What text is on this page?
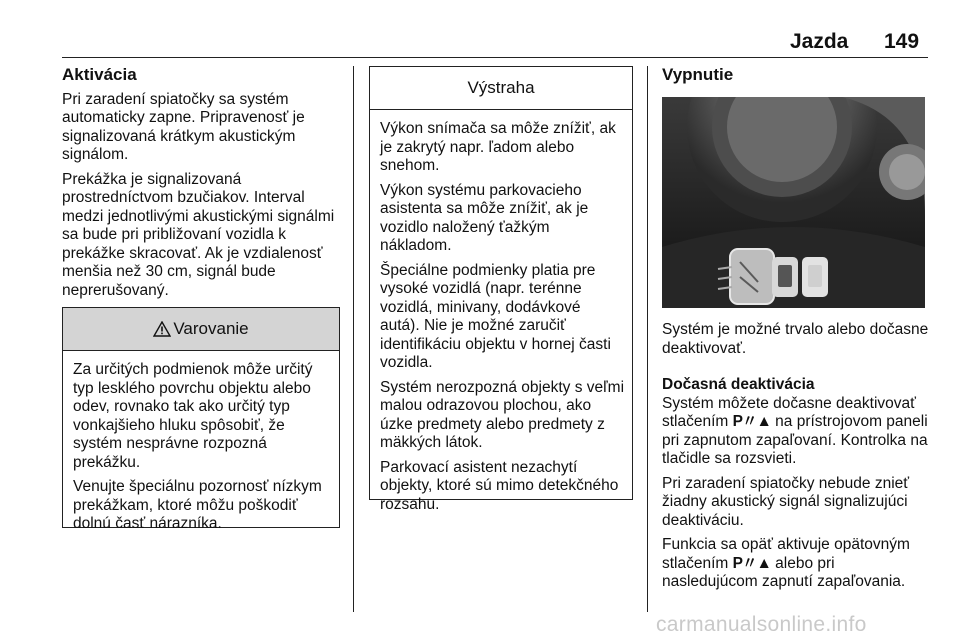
Jazda 149
Aktivácia

Pri zaradení spiatočky sa systém automaticky zapne. Pripravenosť je signalizovaná krátkym akustickým signálom.

Prekážka je signalizovaná prostredníctvom bzučiakov. Interval medzi jednotlivými akustickými signálmi sa bude pri približovaní vozidla k prekážke skracovať. Ak je vzdialenosť menšia než 30 cm, signál bude neprerušovaný.

Varovanie

Za určitých podmienok môže určitý typ lesklého povrchu objektu alebo odev, rovnako tak ako určitý typ vonkajšieho hluku spôsobiť, že systém nesprávne rozpozná prekážku.

Venujte špeciálnu pozornosť nízkym prekážkam, ktoré môžu poškodiť dolnú časť nárazníka.

Výstraha

Výkon snímača sa môže znížiť, ak je zakrytý napr. ľadom alebo snehom.

Výkon systému parkovacieho asistenta sa môže znížiť, ak je vozidlo naložený ťažkým nákladom.

Špeciálne podmienky platia pre vysoké vozidlá (napr. terénne vozidlá, minivany, dodávkové autá). Nie je možné zaručiť identifikáciu objektu v hornej časti vozidla.

Systém nerozpozná objekty s veľmi malou odrazovou plochou, ako úzke predmety alebo predmety z mäkkých látok.

Parkovací asistent nezachytí objekty, ktoré sú mimo detekčného rozsahu.

Vypnutie

Systém je možné trvalo alebo dočasne deaktivovať.

Dočasná deaktivácia

Systém môžete dočasne deaktivovať stlačením P〃▲ na prístrojovom paneli pri zapnutom zapaľovaní. Kontrolka na tlačidle sa rozsvieti.

Pri zaradení spiatočky nebude znieť žiadny akustický signál signalizujúci deaktiváciu.

Funkcia sa opäť aktivuje opätovným stlačením P〃▲ alebo pri nasledujúcom zapnutí zapaľovania.

carmanualsonline.info
